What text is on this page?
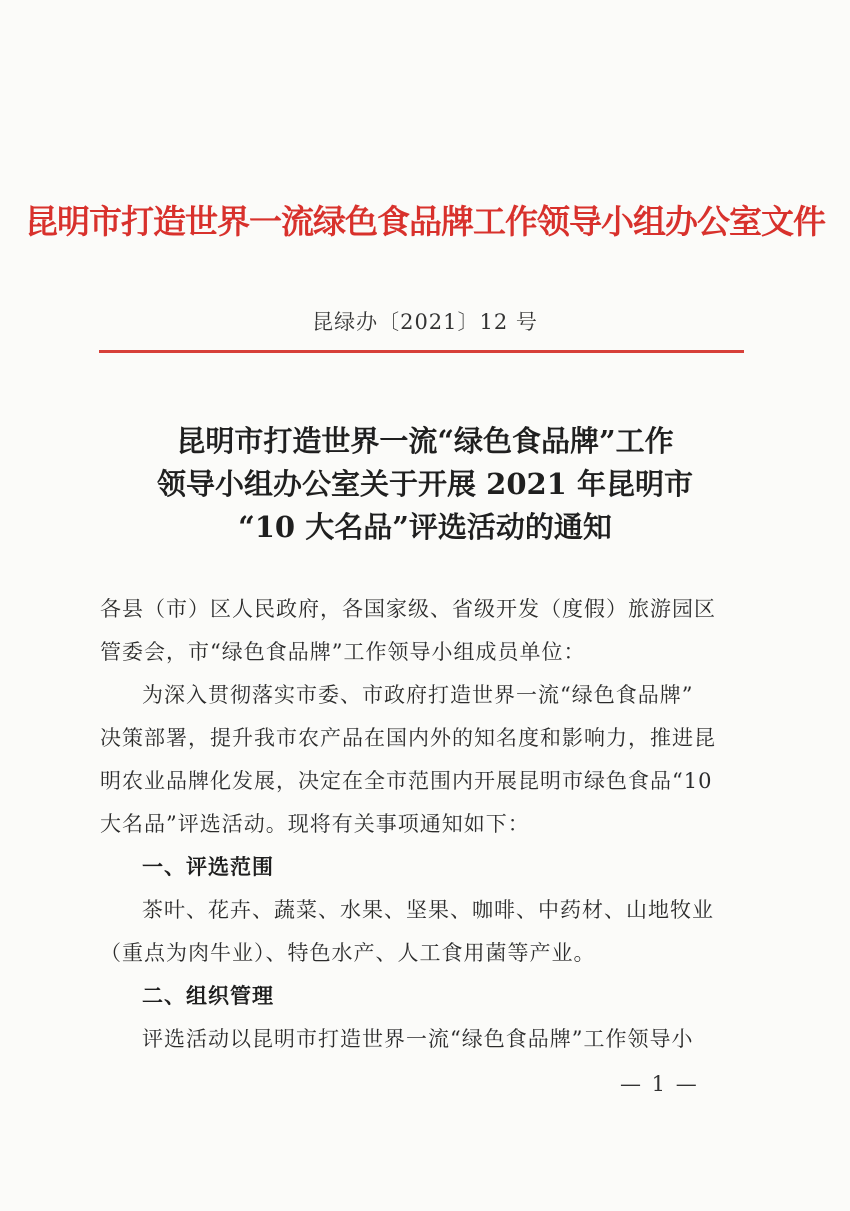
昆明市打造世界一流绿色食品牌工作领导小组办公室文件
昆绿办〔2021〕12 号
昆明市打造世界一流“绿色食品牌”工作
领导小组办公室关于开展 2021 年昆明市
“10 大名品”评选活动的通知
各县（市）区人民政府，各国家级、省级开发（度假）旅游园区
管委会，市“绿色食品牌”工作领导小组成员单位：
为深入贯彻落实市委、市政府打造世界一流“绿色食品牌”
决策部署，提升我市农产品在国内外的知名度和影响力，推进昆
明农业品牌化发展，决定在全市范围内开展昆明市绿色食品“10
大名品”评选活动。现将有关事项通知如下：
一、评选范围
茶叶、花卉、蔬菜、水果、坚果、咖啡、中药材、山地牧业
（重点为肉牛业）、特色水产、人工食用菌等产业。
二、组织管理
评选活动以昆明市打造世界一流“绿色食品牌”工作领导小
— 1 —
